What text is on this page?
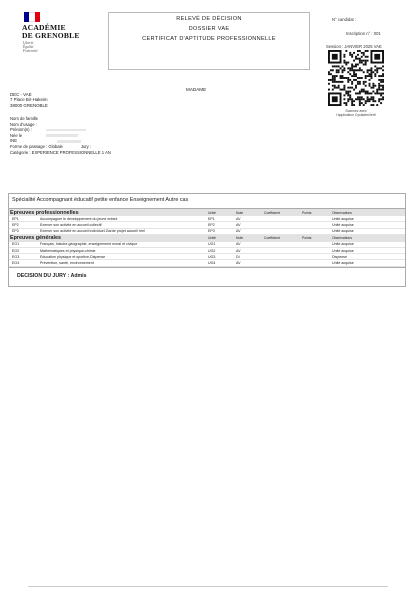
ACADÉMIE
DE GRENOBLE
Liberté
Égalité
Fraternité
RELEVÉ DE DÉCISION
DOSSIER VAE
CERTIFICAT D'APTITUDE PROFESSIONNELLE
N° candidat :
Inscription n° : 001
Session : JANVIER 2025 VAE
Scannez avec
l'application CycladesVerif
DEC - VAE
7 Place Bir-Hakeim
38000 GRENOBLE
MADAME
Nom de famille
Nom d'usage :
Prénom(s) :
Née le
INE
Forme de passage : Globale	Jury :
Catégorie : EXPERIENCE PROFESSIONNELLE 1 AN
Spécialité Accompagnant éducatif petite enfance Enseignement Autre cas
Epreuves professionnelles		Unité	Note	Coefficient	Points	Observations
EP1	Accompagner le développement du jeune enfant	EP1	AV			Unité acquise
EP2	Exercer son activité en accueil collectif	EP2	AV			Unité acquise
EP3	Exercer son activité en accueil individuel-Garde projet accueil réel	EP3	AV			Unité acquise
Epreuves générales		Unité	Note	Coefficient	Points	Observations
EG1	Français, histoire-géographie, enseignement moral et civique	UG1	AV			Unité acquise
EG2	Mathématiques et physique-chimie	UG2	AV			Unité acquise
EG3	Education physique et sportive-Dispense	UG3	DI			Dispensé
EG4	Prévention, santé, environnement	UG4	AV			Unité acquise
DECISION DU JURY : Admis
